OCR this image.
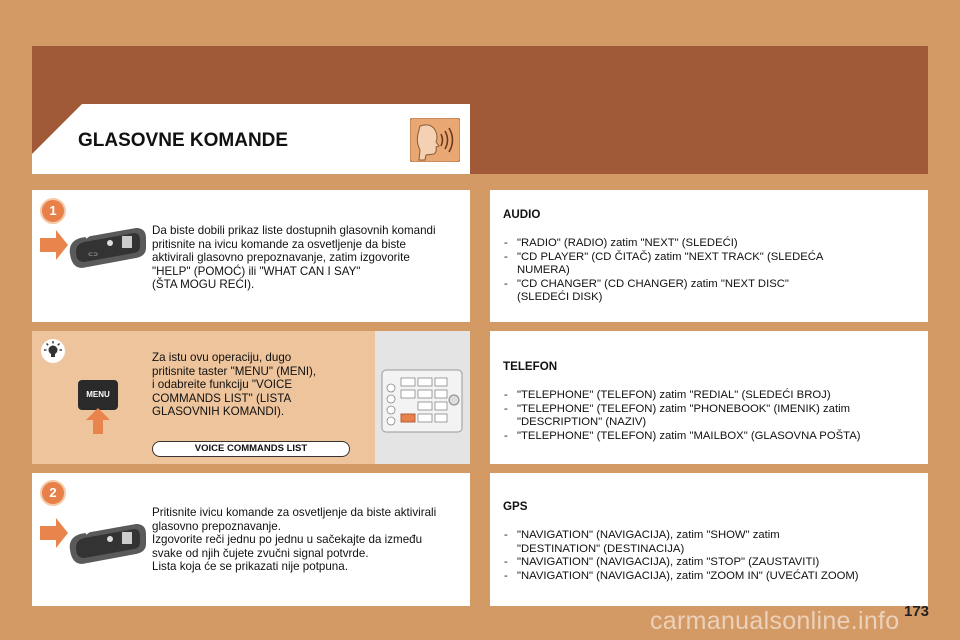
GLASOVNE KOMANDE
1
⊂⊃
Da biste dobili prikaz liste dostupnih glasovnih komandi
pritisnite na ivicu komande za osvetljenje da biste
aktivirali glasovno prepoznavanje, zatim izgovorite
"HELP" (POMOĆ) ili "WHAT CAN I SAY"
(ŠTA MOGU REĆI).
MENU
Za istu ovu operaciju, dugo
pritisnite taster "MENU" (MENI),
i odabreite funkciju "VOICE
COMMANDS LIST" (LISTA
GLASOVNIH KOMANDI).
VOICE COMMANDS LIST
2
Pritisnite ivicu komande za osvetljenje da biste aktivirali
glasovno prepoznavanje.
Izgovorite reči jednu po jednu u sačekajte da između
svake od njih čujete zvučni signal potvrde.
Lista koja će se prikazati nije potpuna.
AUDIO
- "RADIO" (RADIO) zatim "NEXT" (SLEDEĆI)
- "CD PLAYER" (CD ČITAČ) zatim "NEXT TRACK" (SLEDEĆA NUMERA)
- "CD CHANGER" (CD CHANGER) zatim "NEXT DISC" (SLEDEĆI DISK)
TELEFON
- "TELEPHONE" (TELEFON) zatim "REDIAL" (SLEDEĆI BROJ)
- "TELEPHONE" (TELEFON) zatim "PHONEBOOK" (IMENIK) zatim "DESCRIPTION" (NAZIV)
- "TELEPHONE" (TELEFON) zatim "MAILBOX" (GLASOVNA POŠTA)
GPS
- "NAVIGATION" (NAVIGACIJA), zatim "SHOW" zatim "DESTINATION" (DESTINACIJA)
- "NAVIGATION" (NAVIGACIJA), zatim "STOP" (ZAUSTAVITI)
- "NAVIGATION" (NAVIGACIJA), zatim "ZOOM IN" (UVEĆATI ZOOM)
carmanualsonline.info 173
